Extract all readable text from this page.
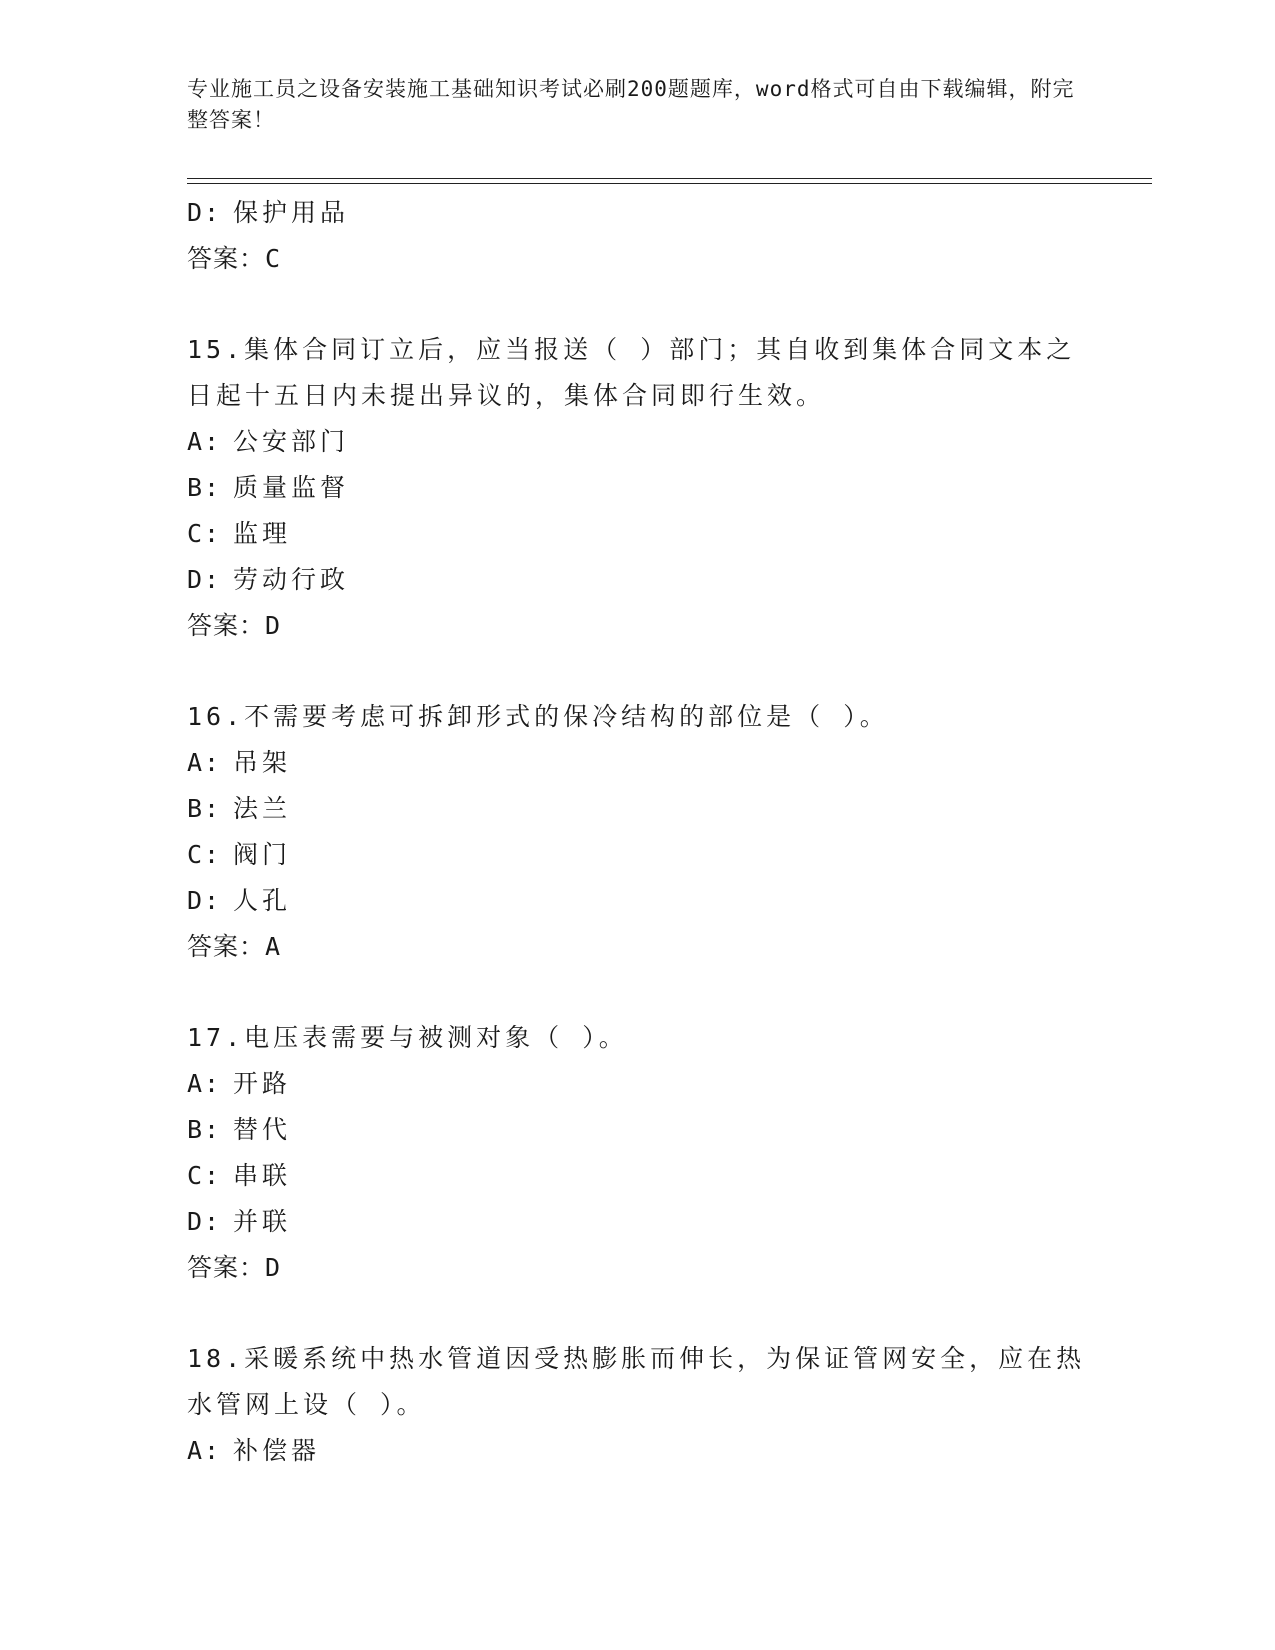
专业施工员之设备安装施工基础知识考试必刷200题题库，word格式可自由下载编辑，附完整答案！
D: 保护用品
答案：C
15.集体合同订立后，应当报送（ ）部门；其自收到集体合同文本之日起十五日内未提出异议的，集体合同即行生效。
A: 公安部门
B: 质量监督
C: 监理
D: 劳动行政
答案：D
16.不需要考虑可拆卸形式的保冷结构的部位是（ ）。
A: 吊架
B: 法兰
C: 阀门
D: 人孔
答案：A
17.电压表需要与被测对象（ ）。
A: 开路
B: 替代
C: 串联
D: 并联
答案：D
18.采暖系统中热水管道因受热膨胀而伸长，为保证管网安全，应在热水管网上设（ ）。
A: 补偿器
